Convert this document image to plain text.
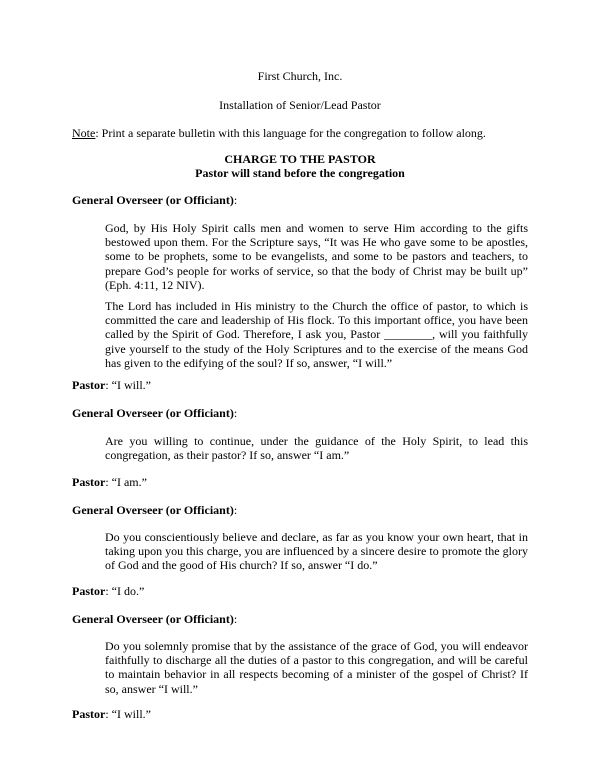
First Church, Inc.
Installation of Senior/Lead Pastor
Note: Print a separate bulletin with this language for the congregation to follow along.
CHARGE TO THE PASTOR
Pastor will stand before the congregation
General Overseer (or Officiant):
God, by His Holy Spirit calls men and women to serve Him according to the gifts bestowed upon them. For the Scripture says, “It was He who gave some to be apostles, some to be prophets, some to be evangelists, and some to be pastors and teachers, to prepare God’s people for works of service, so that the body of Christ may be built up” (Eph. 4:11, 12 NIV).
The Lord has included in His ministry to the Church the office of pastor, to which is committed the care and leadership of His flock. To this important office, you have been called by the Spirit of God. Therefore, I ask you, Pastor ________, will you faithfully give yourself to the study of the Holy Scriptures and to the exercise of the means God has given to the edifying of the soul? If so, answer, “I will.”
Pastor: “I will.”
General Overseer (or Officiant):
Are you willing to continue, under the guidance of the Holy Spirit, to lead this congregation, as their pastor? If so, answer “I am.”
Pastor: “I am.”
General Overseer (or Officiant):
Do you conscientiously believe and declare, as far as you know your own heart, that in taking upon you this charge, you are influenced by a sincere desire to promote the glory of God and the good of His church? If so, answer “I do.”
Pastor: “I do.”
General Overseer (or Officiant):
Do you solemnly promise that by the assistance of the grace of God, you will endeavor faithfully to discharge all the duties of a pastor to this congregation, and will be careful to maintain behavior in all respects becoming of a minister of the gospel of Christ? If so, answer “I will.”
Pastor: “I will.”
